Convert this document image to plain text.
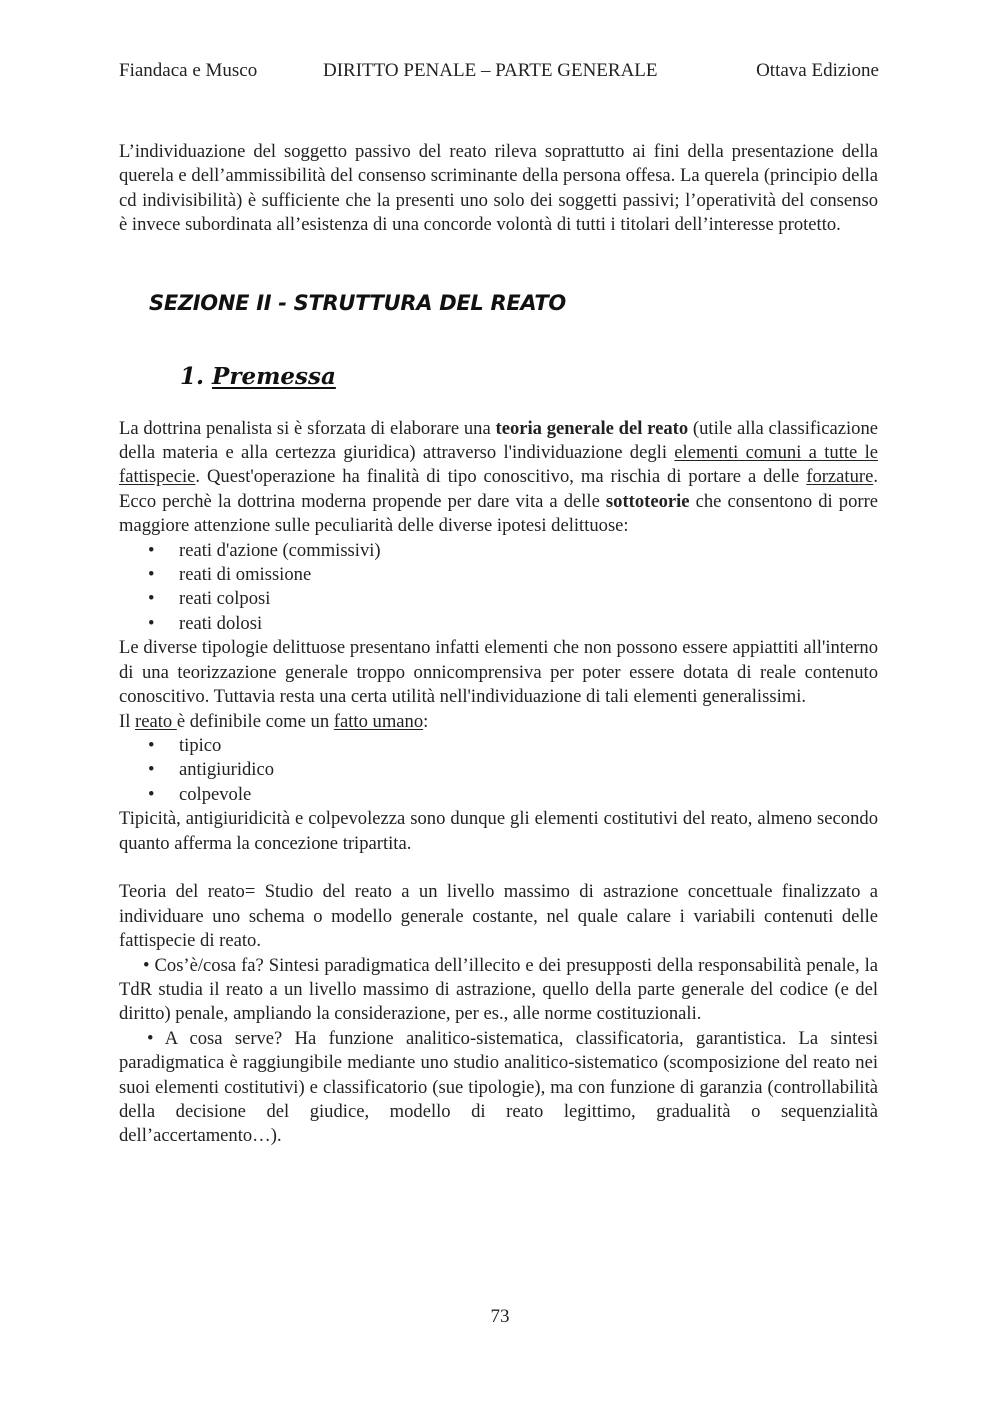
Fiandaca e Musco	DIRITTO PENALE – PARTE GENERALE	Ottava Edizione

L’individuazione del soggetto passivo del reato rileva soprattutto ai fini della presentazione della querela e dell’ammissibilità del consenso scriminante della persona offesa. La querela (principio della cd indivisibilità) è sufficiente che la presenti uno solo dei soggetti passivi; l’operatività del consenso è invece subordinata all’esistenza di una concorde volontà di tutti i titolari dell’interesse protetto.

SEZIONE II - STRUTTURA DEL REATO
1. Premessa

La dottrina penalista si è sforzata di elaborare una teoria generale del reato (utile alla classificazione della materia e alla certezza giuridica) attraverso l'individuazione degli elementi comuni a tutte le fattispecie. Quest'operazione ha finalità di tipo conoscitivo, ma rischia di portare a delle forzature. Ecco perchè la dottrina moderna propende per dare vita a delle sottoteorie che consentono di porre maggiore attenzione sulle peculiarità delle diverse ipotesi delittuose:

• reati d'azione (commissivi)
• reati di omissione
• reati colposi
• reati dolosi

Le diverse tipologie delittuose presentano infatti elementi che non possono essere appiattiti all'interno di una teorizzazione generale troppo onnicomprensiva per poter essere dotata di reale contenuto conoscitivo. Tuttavia resta una certa utilità nell'individuazione di tali elementi generalissimi.

Il reato è definibile come un fatto umano:

• tipico
• antigiuridico
• colpevole

Tipicità, antigiuridicità e colpevolezza sono dunque gli elementi costitutivi del reato, almeno secondo quanto afferma la concezione tripartita.

Teoria del reato= Studio del reato a un livello massimo di astrazione concettuale finalizzato a individuare uno schema o modello generale costante, nel quale calare i variabili contenuti delle fattispecie di reato.

• Cos’è/cosa fa? Sintesi paradigmatica dell’illecito e dei presupposti della responsabilità penale, la TdR studia il reato a un livello massimo di astrazione, quello della parte generale del codice (e del diritto) penale, ampliando la considerazione, per es., alle norme costituzionali.

• A cosa serve? Ha funzione analitico-sistematica, classificatoria, garantistica. La sintesi paradigmatica è raggiungibile mediante uno studio analitico-sistematico (scomposizione del reato nei suoi elementi costitutivi) e classificatorio (sue tipologie), ma con funzione di garanzia (controllabilità della decisione del giudice, modello di reato legittimo, gradualità o sequenzialità dell’accertamento…).

73
